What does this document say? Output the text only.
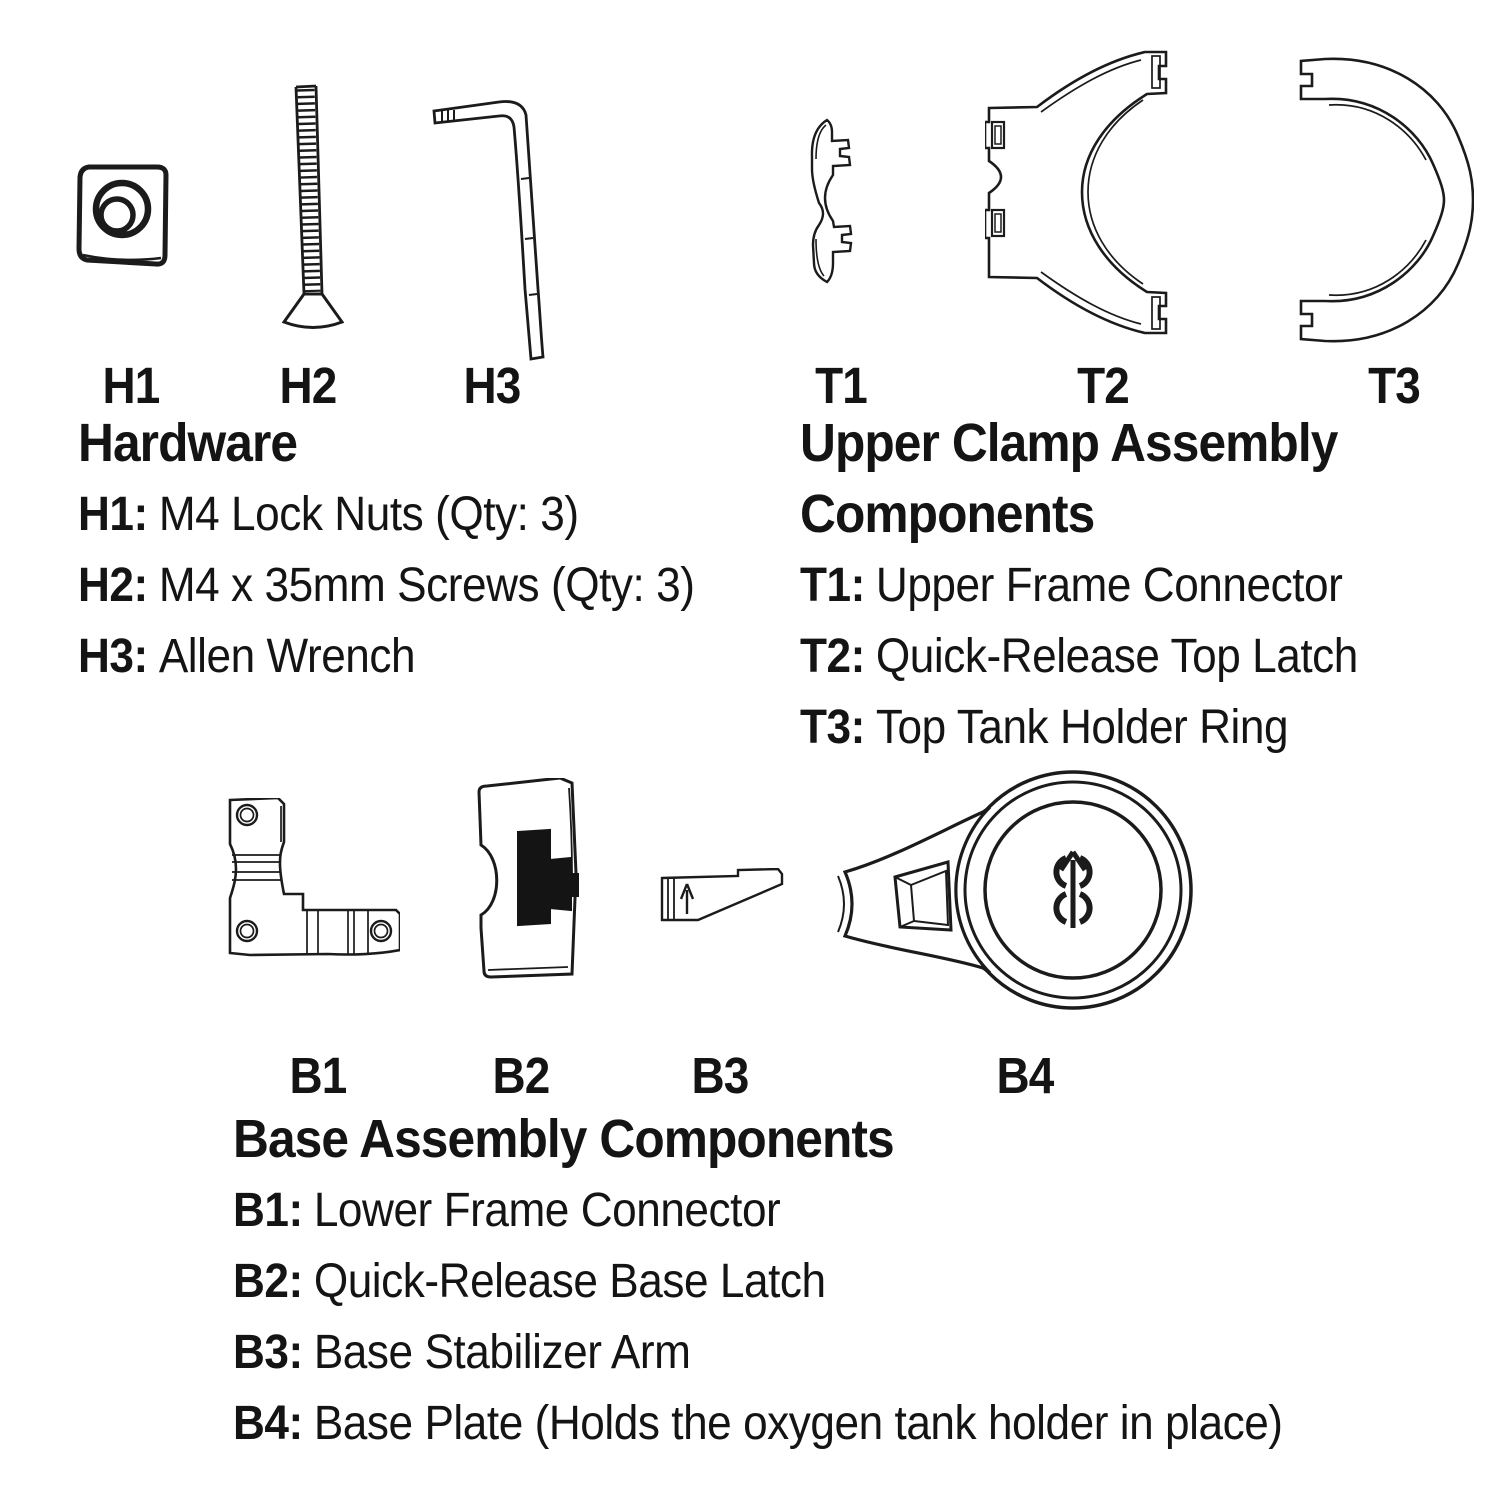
H1	H2	H3	T1	T2	T3
B1	B2	B3	B4
Hardware
H1: M4 Lock Nuts (Qty: 3)
H2: M4 x 35mm Screws (Qty: 3)
H3: Allen Wrench
Upper Clamp Assembly
Components
T1: Upper Frame Connector
T2: Quick-Release Top Latch
T3: Top Tank Holder Ring
Base Assembly Components
B1: Lower Frame Connector
B2: Quick-Release Base Latch
B3: Base Stabilizer Arm
B4: Base Plate (Holds the oxygen tank holder in place)
